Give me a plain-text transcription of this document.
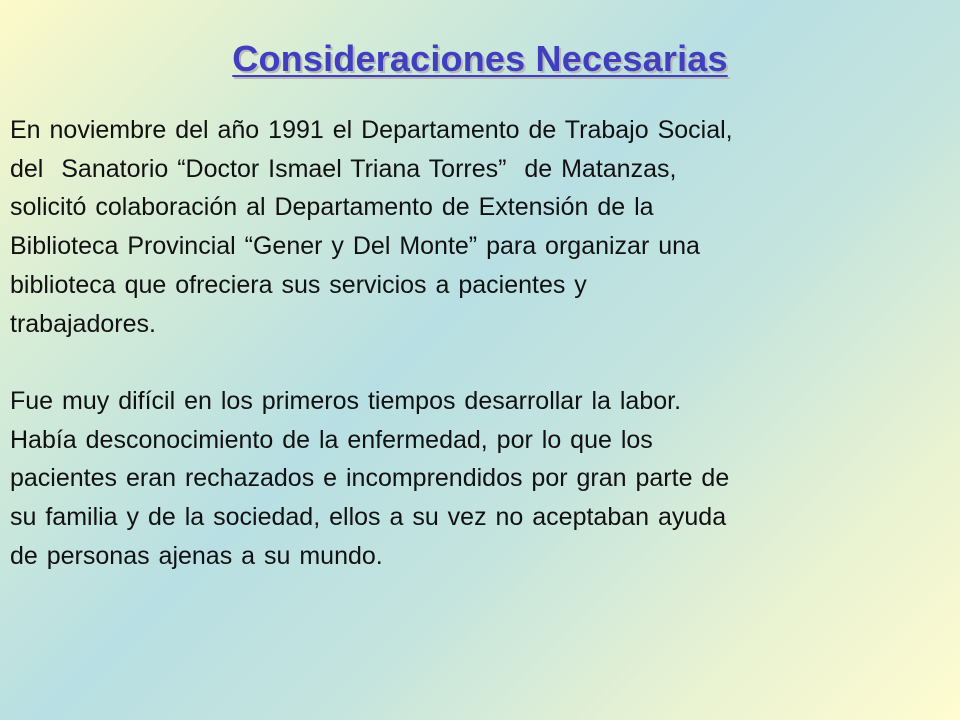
Consideraciones Necesarias

En noviembre del año 1991 el Departamento de Trabajo Social,
del  Sanatorio “Doctor Ismael Triana Torres”  de Matanzas,
solicitó colaboración al Departamento de Extensión de la
Biblioteca Provincial “Gener y Del Monte” para organizar una
biblioteca que ofreciera sus servicios a pacientes y
trabajadores.

Fue muy difícil en los primeros tiempos desarrollar la labor.
Había desconocimiento de la enfermedad, por lo que los
pacientes eran rechazados e incomprendidos por gran parte de
su familia y de la sociedad, ellos a su vez no aceptaban ayuda
de personas ajenas a su mundo.
